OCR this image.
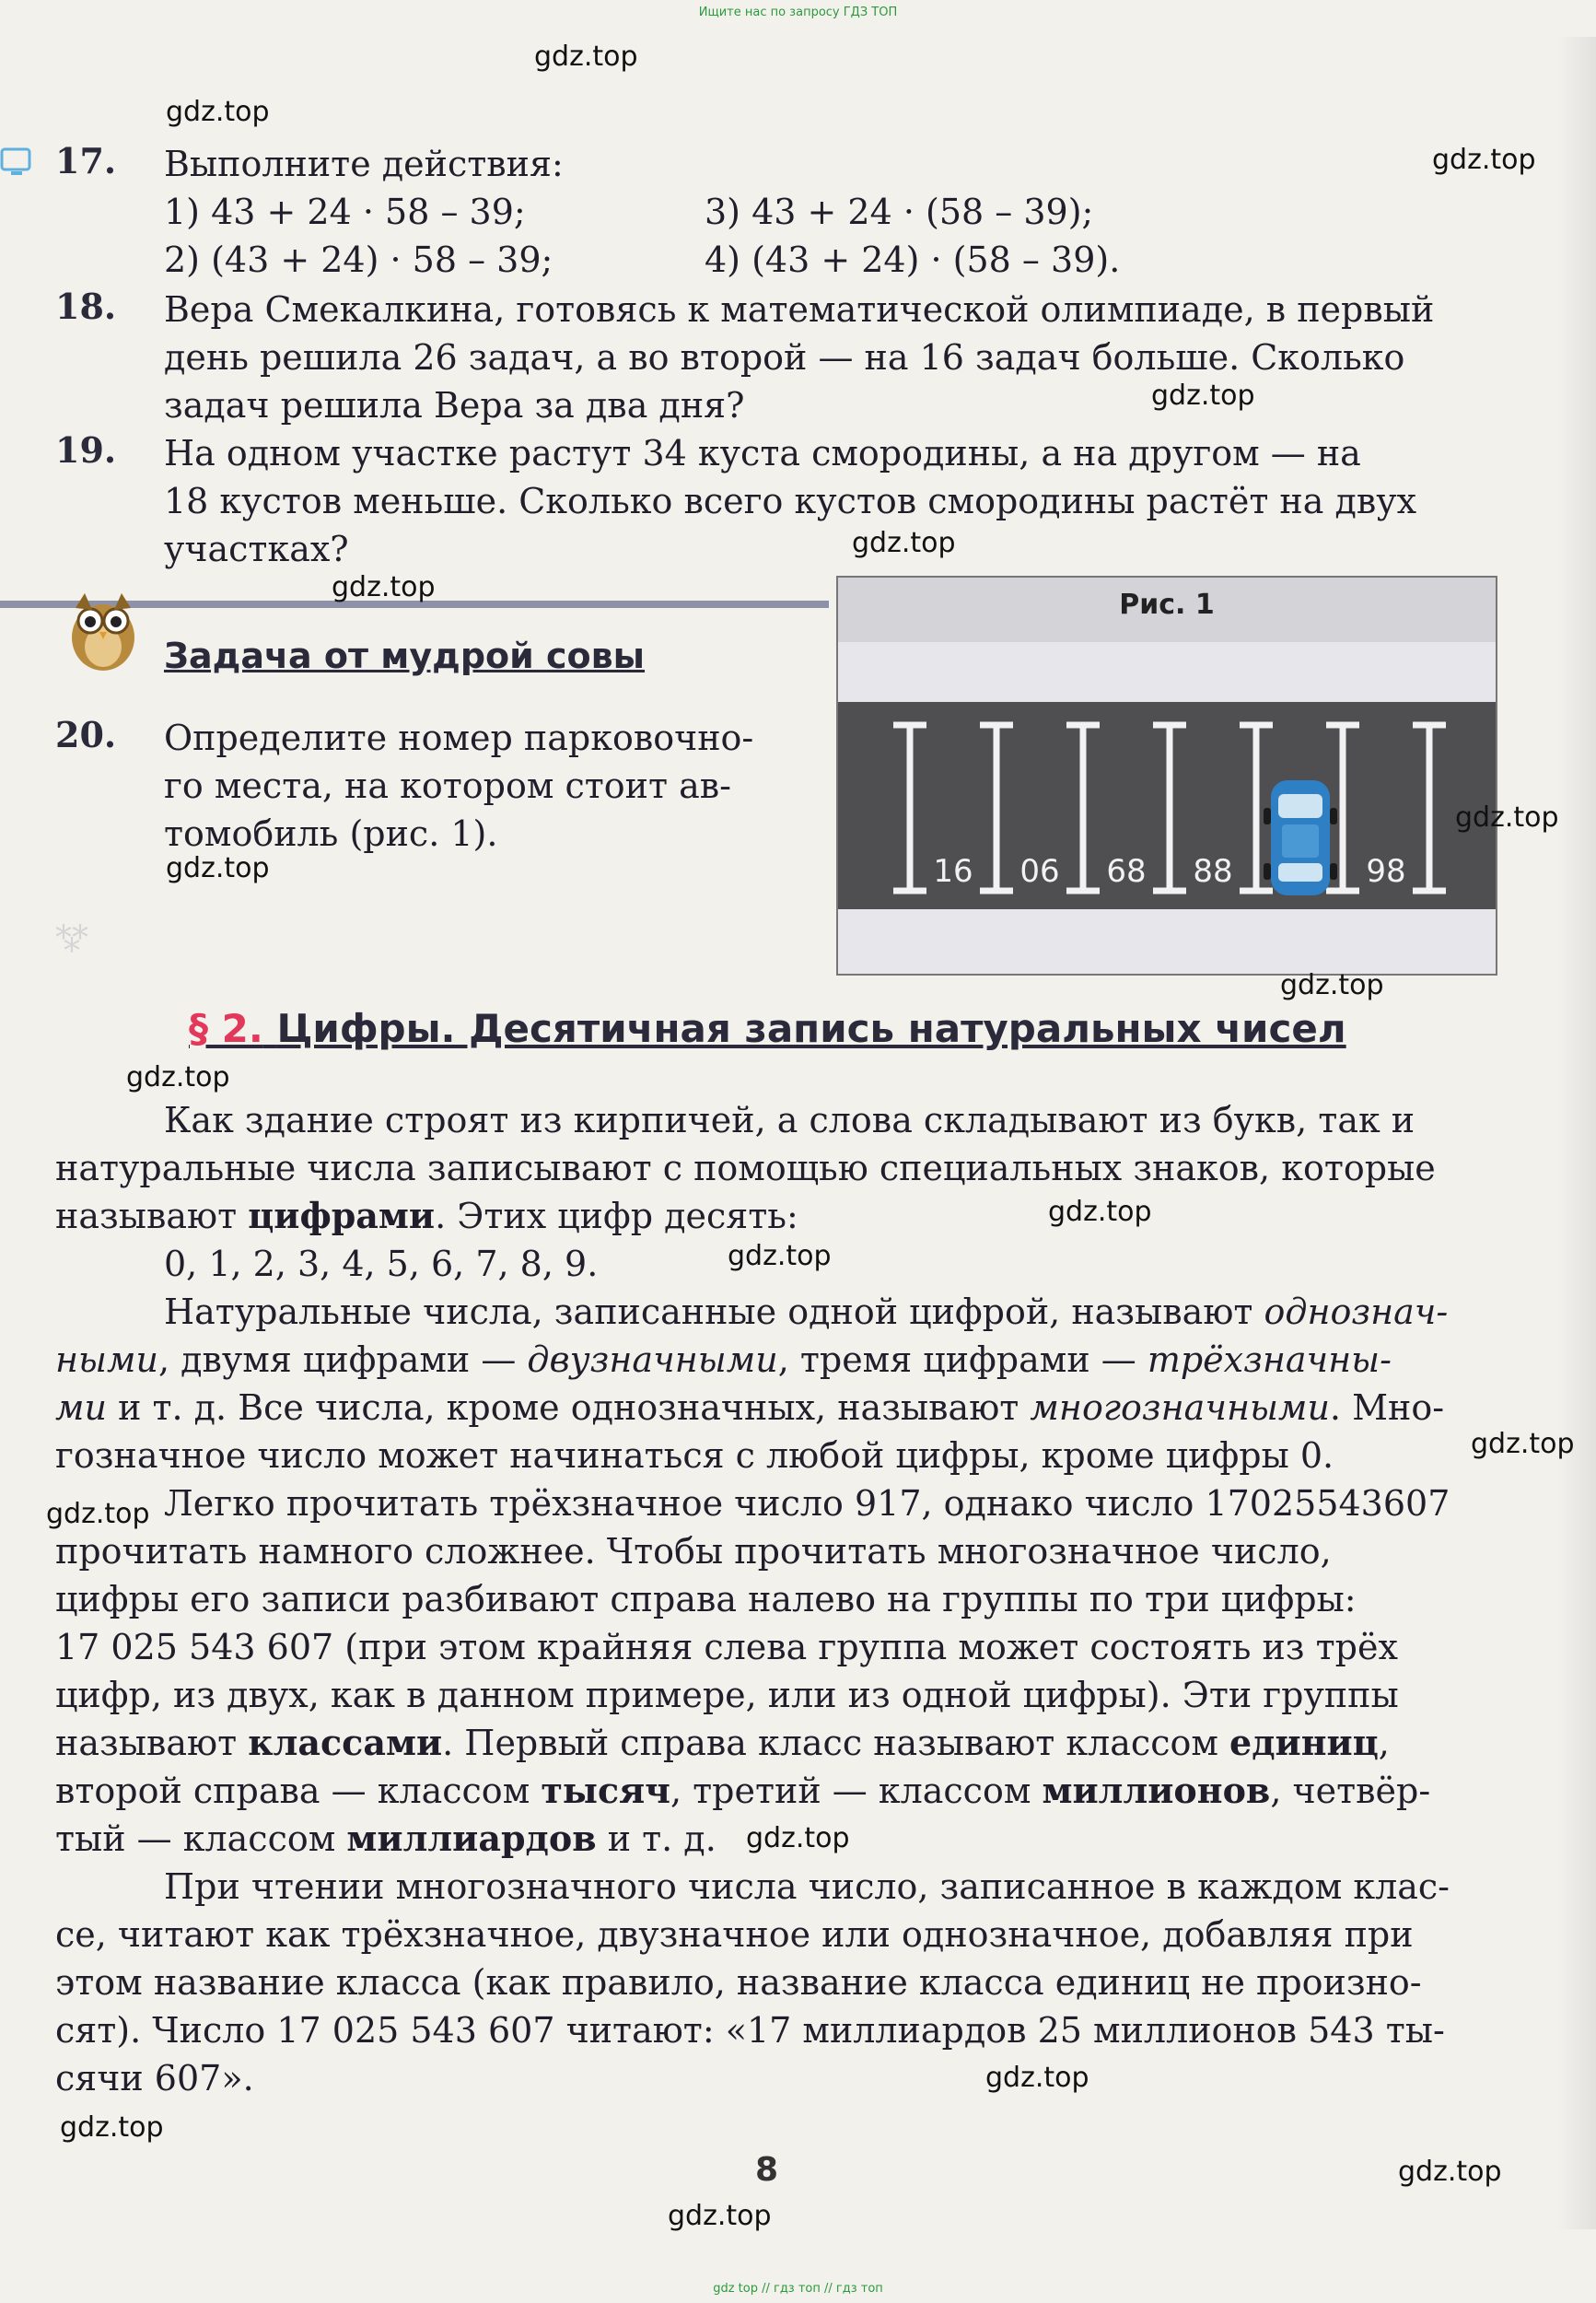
Ищите нас по запросу ГДЗ ТОП

⁂
17. Выполните действия:
1) 43 + 24 · 58 – 39;	3) 43 + 24 · (58 – 39);
2) (43 + 24) · 58 – 39;	4) (43 + 24) · (58 – 39).
18. Вера Смекалкина, готовясь к математической олимпиаде, в первый
день решила 26 задач, а во второй — на 16 задач больше. Сколько
задач решила Вера за два дня?
19. На одном участке растут 34 куста смородины, а на другом — на
18 кустов меньше. Сколько всего кустов смородины растёт на двух
участках?
Задача от мудрой совы
20. Определите номер парковочно-
го места, на котором стоит ав-
томобиль (рис. 1).
Рис. 1
16 06 68 88	98
§ 2. Цифры. Десятичная запись натуральных чисел
Как здание строят из кирпичей, а слова складывают из букв, так и
натуральные числа записывают с помощью специальных знаков, которые
называют цифрами. Этих цифр десять:
0, 1, 2, 3, 4, 5, 6, 7, 8, 9.
Натуральные числа, записанные одной цифрой, называют однознач-
ными, двумя цифрами — двузначными, тремя цифрами — трёхзначны-
ми и т. д. Все числа, кроме однозначных, называют многозначными. Мно-
гозначное число может начинаться с любой цифры, кроме цифры 0.
Легко прочитать трёхзначное число 917, однако число 17025543607
прочитать намного сложнее. Чтобы прочитать многозначное число,
цифры его записи разбивают справа налево на группы по три цифры:
17 025 543 607 (при этом крайняя слева группа может состоять из трёх
цифр, из двух, как в данном примере, или из одной цифры). Эти группы
называют классами. Первый справа класс называют классом единиц,
второй справа — классом тысяч, третий — классом миллионов, четвёр-
тый — классом миллиардов и т. д.
При чтении многозначного числа число, записанное в каждом клас-
се, читают как трёхзначное, двузначное или однозначное, добавляя при
этом название класса (как правило, название класса единиц не произно-
сят). Число 17 025 543 607 читают: «17 миллиардов 25 миллионов 543 ты-
сячи 607».
8
gdz.top
gdz.top
gdz.top
gdz.top
gdz.top
gdz.top
gdz.top
gdz.top
gdz.top
gdz.top
gdz.top
gdz.top
gdz.top
gdz.top
gdz.top
gdz.top
gdz.top
gdz.top
gdz.top
gdz top // гдз топ // гдз топ
